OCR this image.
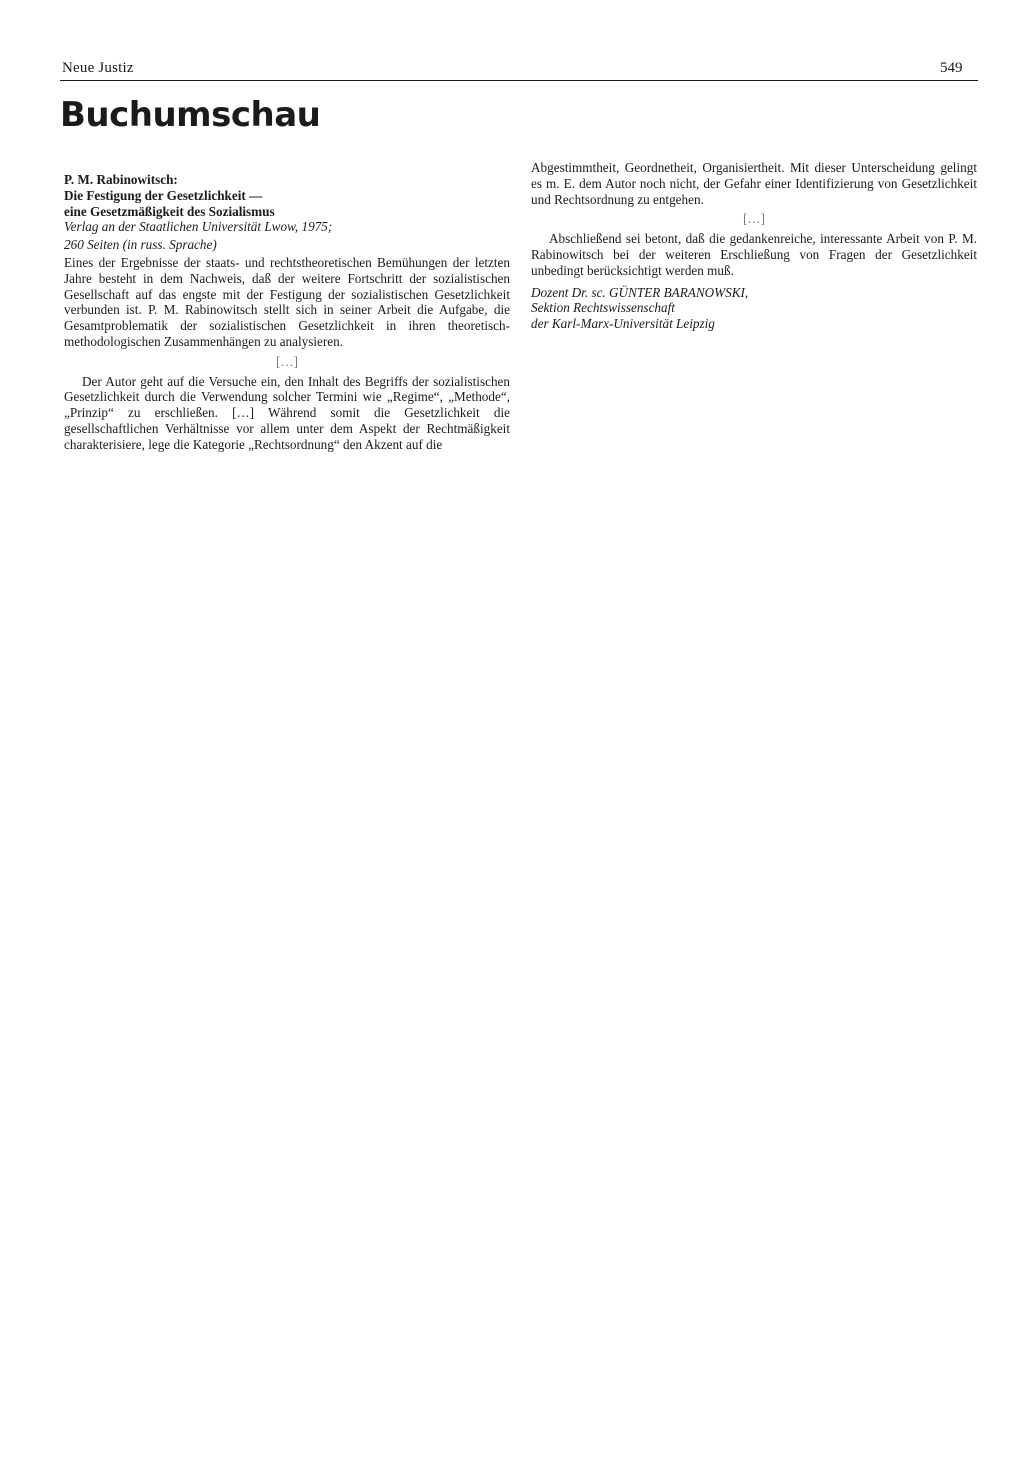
Neue Justiz	549
Buchumschau

P. M. Rabinowitsch:

Die Festigung der Gesetzlichkeit —

eine Gesetzmäßigkeit des Sozialismus

Verlag an der Staatlichen Universität Lwow, 1975;

260 Seiten (in russ. Sprache)

Eines der Ergebnisse der staats- und rechtstheoretischen Bemühungen der letzten Jahre besteht in dem Nachweis, daß der weitere Fortschritt der sozialistischen Gesellschaft auf das engste mit der Festigung der sozialistischen Gesetzlichkeit verbunden ist. P. M. Rabinowitsch stellt sich in seiner Arbeit die Aufgabe, die Gesamtproblematik der sozialistischen Gesetzlichkeit in ihren theoretisch-methodologischen Zusammenhängen zu analysieren.

[…]

Der Autor geht auf die Versuche ein, den Inhalt des Begriffs der sozialistischen Gesetzlichkeit durch die Verwendung solcher Termini wie „Regime“, „Methode“, „Prinzip“ zu erschließen. […] Während somit die Gesetzlichkeit die gesellschaftlichen Verhältnisse vor allem unter dem Aspekt der Rechtmäßigkeit charakterisiere, lege die Kategorie „Rechtsordnung“ den Akzent auf die

Abgestimmtheit, Geordnetheit, Organisiertheit. Mit dieser Unterscheidung gelingt es m. E. dem Autor noch nicht, der Gefahr einer Identifizierung von Gesetzlichkeit und Rechtsordnung zu entgehen.

[…]

Abschließend sei betont, daß die gedankenreiche, interessante Arbeit von P. M. Rabinowitsch bei der weiteren Erschließung von Fragen der Gesetzlichkeit unbedingt berücksichtigt werden muß.

Dozent Dr. sc. GÜNTER BARANOWSKI,
Sektion Rechtswissenschaft
der Karl-Marx-Universität Leipzig
